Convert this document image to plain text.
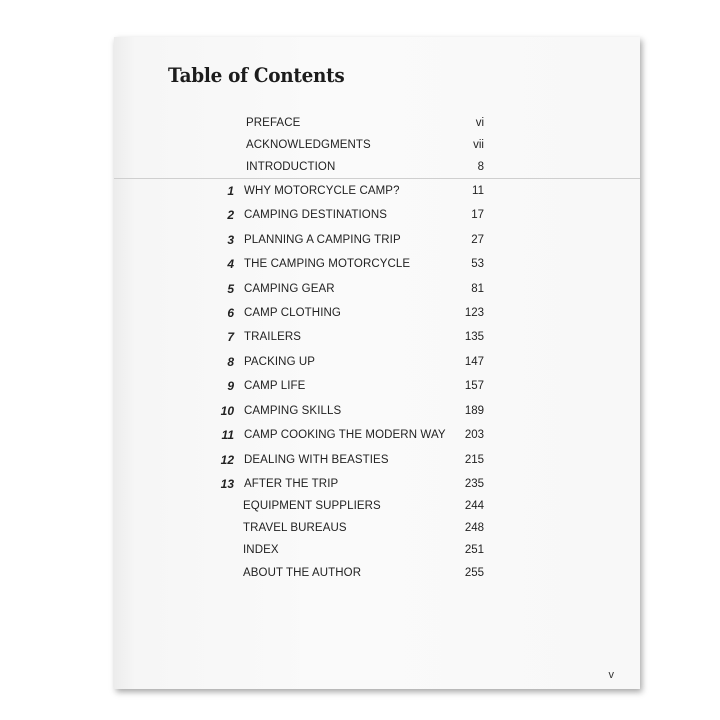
Table of Contents
PREFACE	vi
ACKNOWLEDGMENTS	vii
INTRODUCTION	8
1 WHY MOTORCYCLE CAMP?	11
2 CAMPING DESTINATIONS	17
3 PLANNING A CAMPING TRIP	27
4 THE CAMPING MOTORCYCLE	53
5 CAMPING GEAR	81
6 CAMP CLOTHING	123
7 TRAILERS	135
8 PACKING UP	147
9 CAMP LIFE	157
10 CAMPING SKILLS	189
11 CAMP COOKING THE MODERN WAY 203
12 DEALING WITH BEASTIES	215
13 AFTER THE TRIP	235
EQUIPMENT SUPPLIERS	244
TRAVEL BUREAUS	248
INDEX	251
ABOUT THE AUTHOR	255
v
